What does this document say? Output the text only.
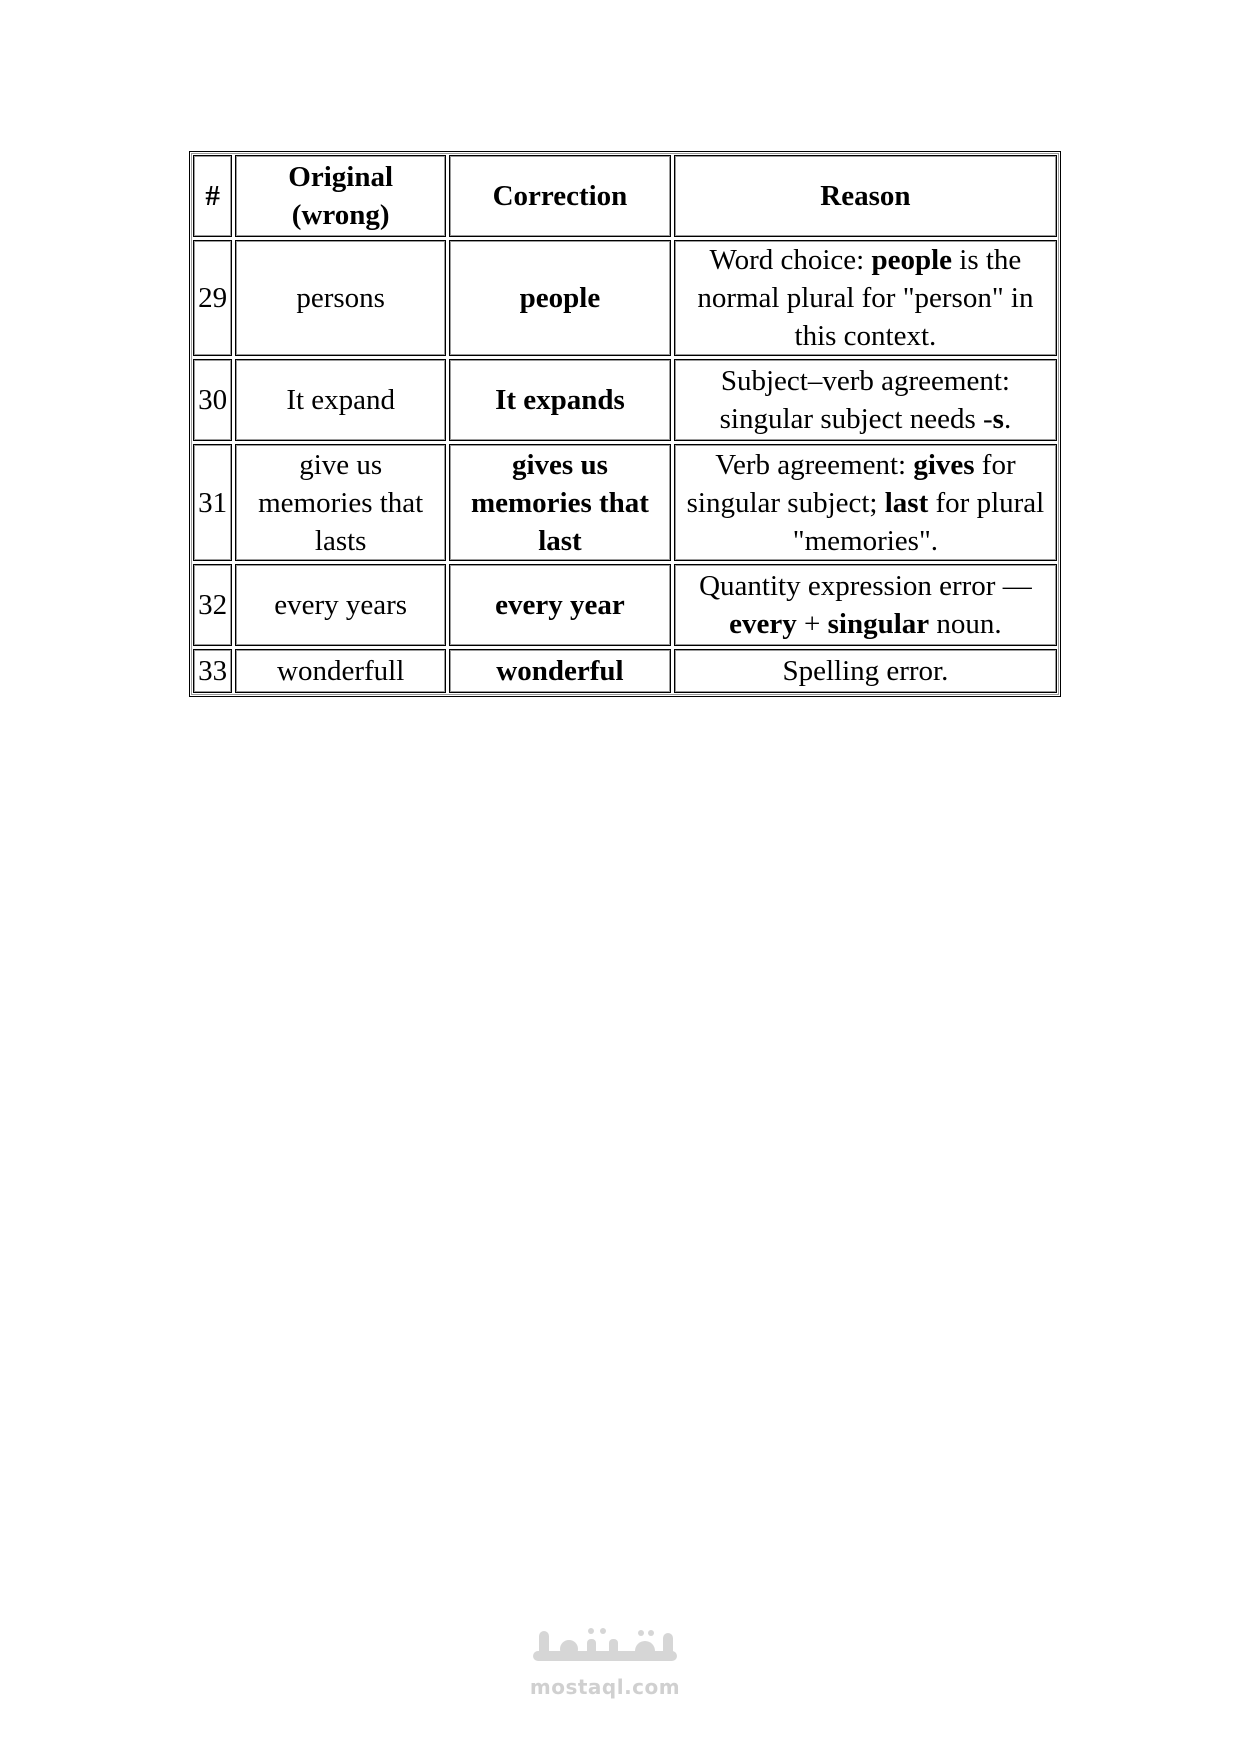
#	Original (wrong)	Correction	Reason
29	persons	people	Word choice: people is the normal plural for "person" in this context.
30	It expand	It expands	Subject–verb agreement: singular subject needs -s.
31	give us memories that lasts	gives us memories that last	Verb agreement: gives for singular subject; last for plural "memories".
32	every years	every year	Quantity expression error — every + singular noun.
33	wonderfull	wonderful	Spelling error.
mostaql.com
